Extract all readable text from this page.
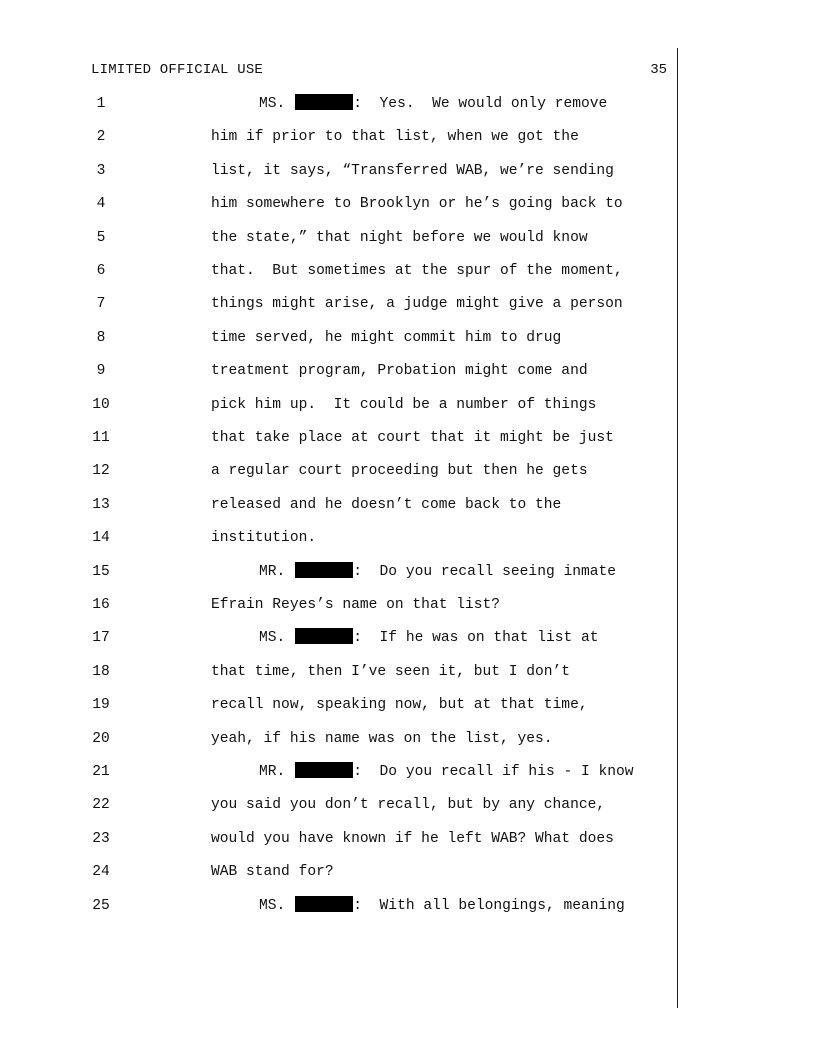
LIMITED OFFICIAL USE	35
1	MS.	:  Yes.  We would only remove
2	him if prior to that list, when we got the
3	list, it says, “Transferred WAB, we’re sending
4	him somewhere to Brooklyn or he’s going back to
5	the state,” that night before we would know
6	that.  But sometimes at the spur of the moment,
7	things might arise, a judge might give a person
8	time served, he might commit him to drug
9	treatment program, Probation might come and
10	pick him up.  It could be a number of things
11	that take place at court that it might be just
12	a regular court proceeding but then he gets
13	released and he doesn’t come back to the
14	institution.
15	MR.	:  Do you recall seeing inmate
16	Efrain Reyes’s name on that list?
17	MS.	:  If he was on that list at
18	that time, then I’ve seen it, but I don’t
19	recall now, speaking now, but at that time,
20	yeah, if his name was on the list, yes.
21	MR.	:  Do you recall if his - I know
22	you said you don’t recall, but by any chance,
23	would you have known if he left WAB? What does
24	WAB stand for?
25	MS.	:  With all belongings, meaning
